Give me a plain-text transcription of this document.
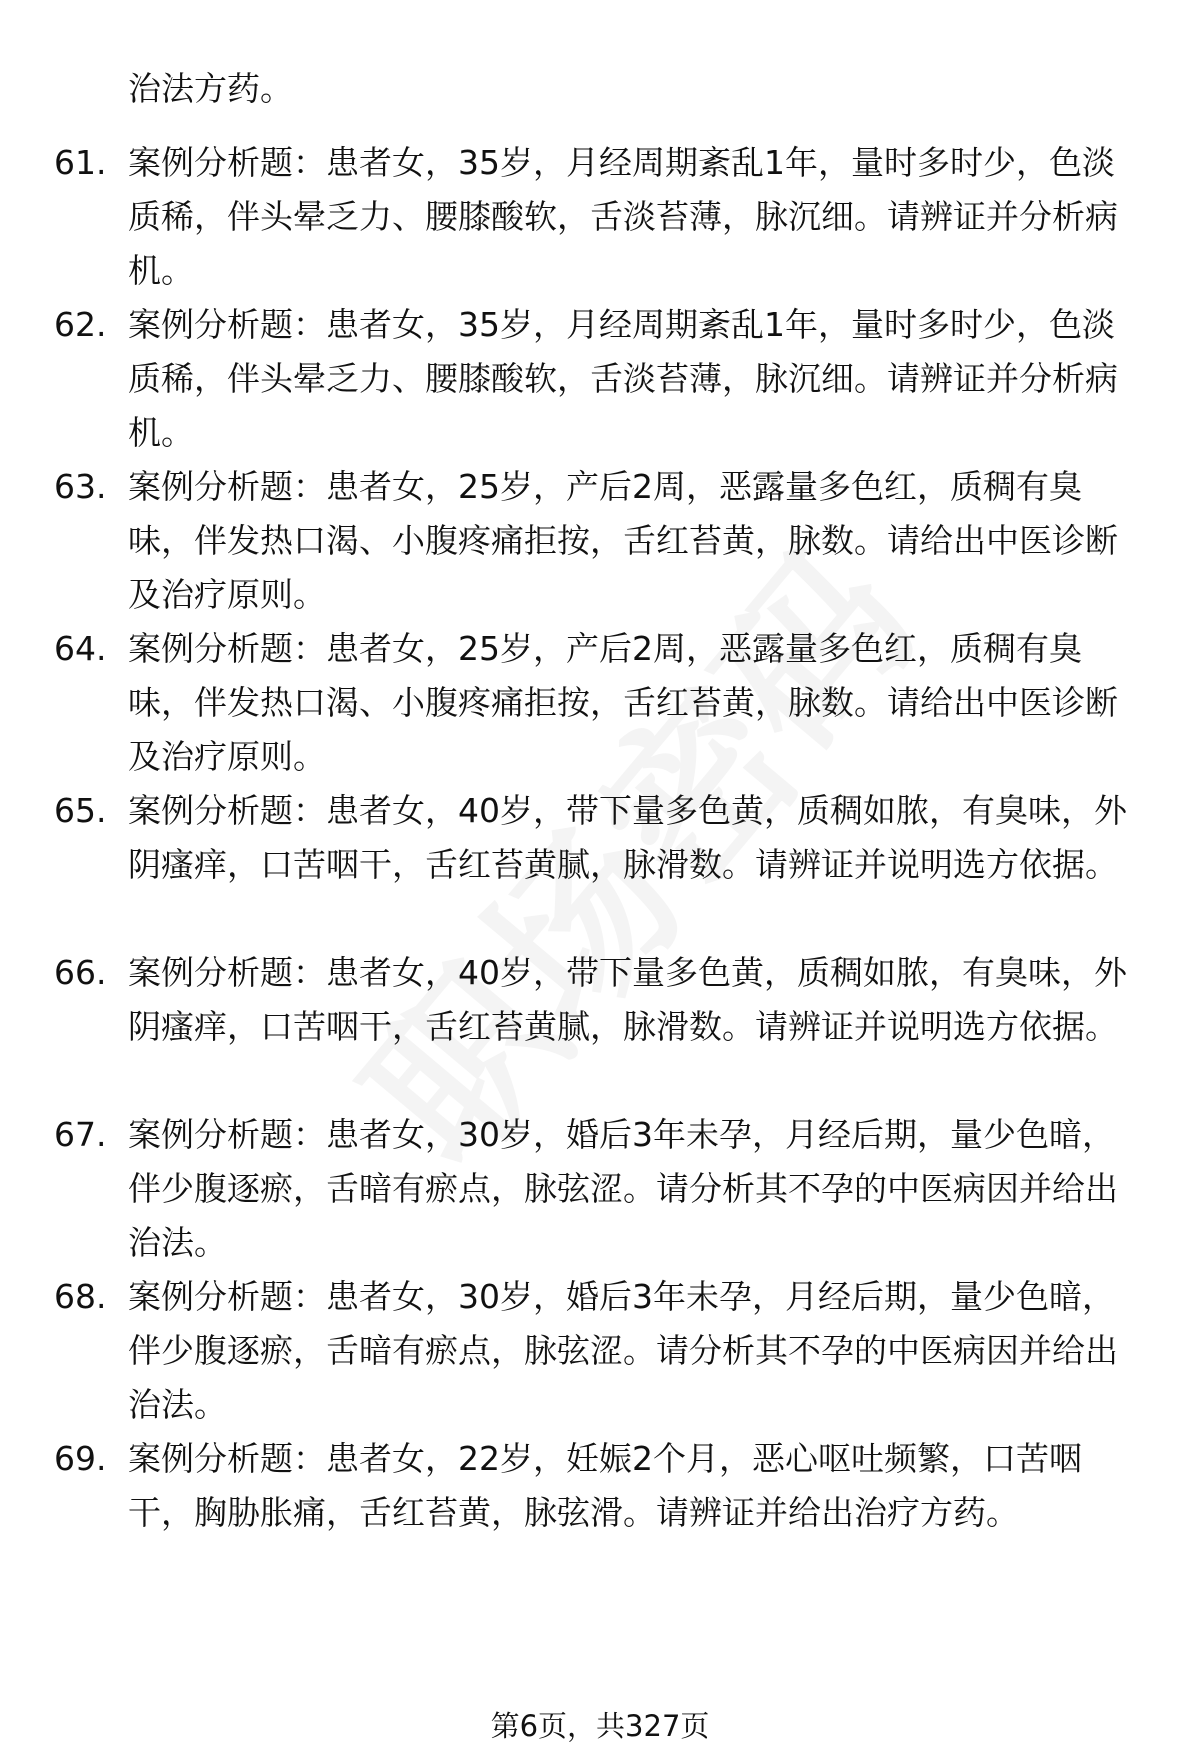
治法方药。
61. 案例分析题：患者女，35岁，月经周期紊乱1年，量时多时少，色淡质稀，伴头晕乏力、腰膝酸软，舌淡苔薄，脉沉细。请辨证并分析病机。
62. 案例分析题：患者女，35岁，月经周期紊乱1年，量时多时少，色淡质稀，伴头晕乏力、腰膝酸软，舌淡苔薄，脉沉细。请辨证并分析病机。
63. 案例分析题：患者女，25岁，产后2周，恶露量多色红，质稠有臭味，伴发热口渴、小腹疼痛拒按，舌红苔黄，脉数。请给出中医诊断及治疗原则。
64. 案例分析题：患者女，25岁，产后2周，恶露量多色红，质稠有臭味，伴发热口渴、小腹疼痛拒按，舌红苔黄，脉数。请给出中医诊断及治疗原则。
65. 案例分析题：患者女，40岁，带下量多色黄，质稠如脓，有臭味，外阴瘙痒，口苦咽干，舌红苔黄腻，脉滑数。请辨证并说明选方依据。
66. 案例分析题：患者女，40岁，带下量多色黄，质稠如脓，有臭味，外阴瘙痒，口苦咽干，舌红苔黄腻，脉滑数。请辨证并说明选方依据。
67. 案例分析题：患者女，30岁，婚后3年未孕，月经后期，量少色暗，伴少腹逐瘀，舌暗有瘀点，脉弦涩。请分析其不孕的中医病因并给出治法。
68. 案例分析题：患者女，30岁，婚后3年未孕，月经后期，量少色暗，伴少腹逐瘀，舌暗有瘀点，脉弦涩。请分析其不孕的中医病因并给出治法。
69. 案例分析题：患者女，22岁，妊娠2个月，恶心呕吐频繁，口苦咽干，胸胁胀痛，舌红苔黄，脉弦滑。请辨证并给出治疗方药。
第6页，共327页
